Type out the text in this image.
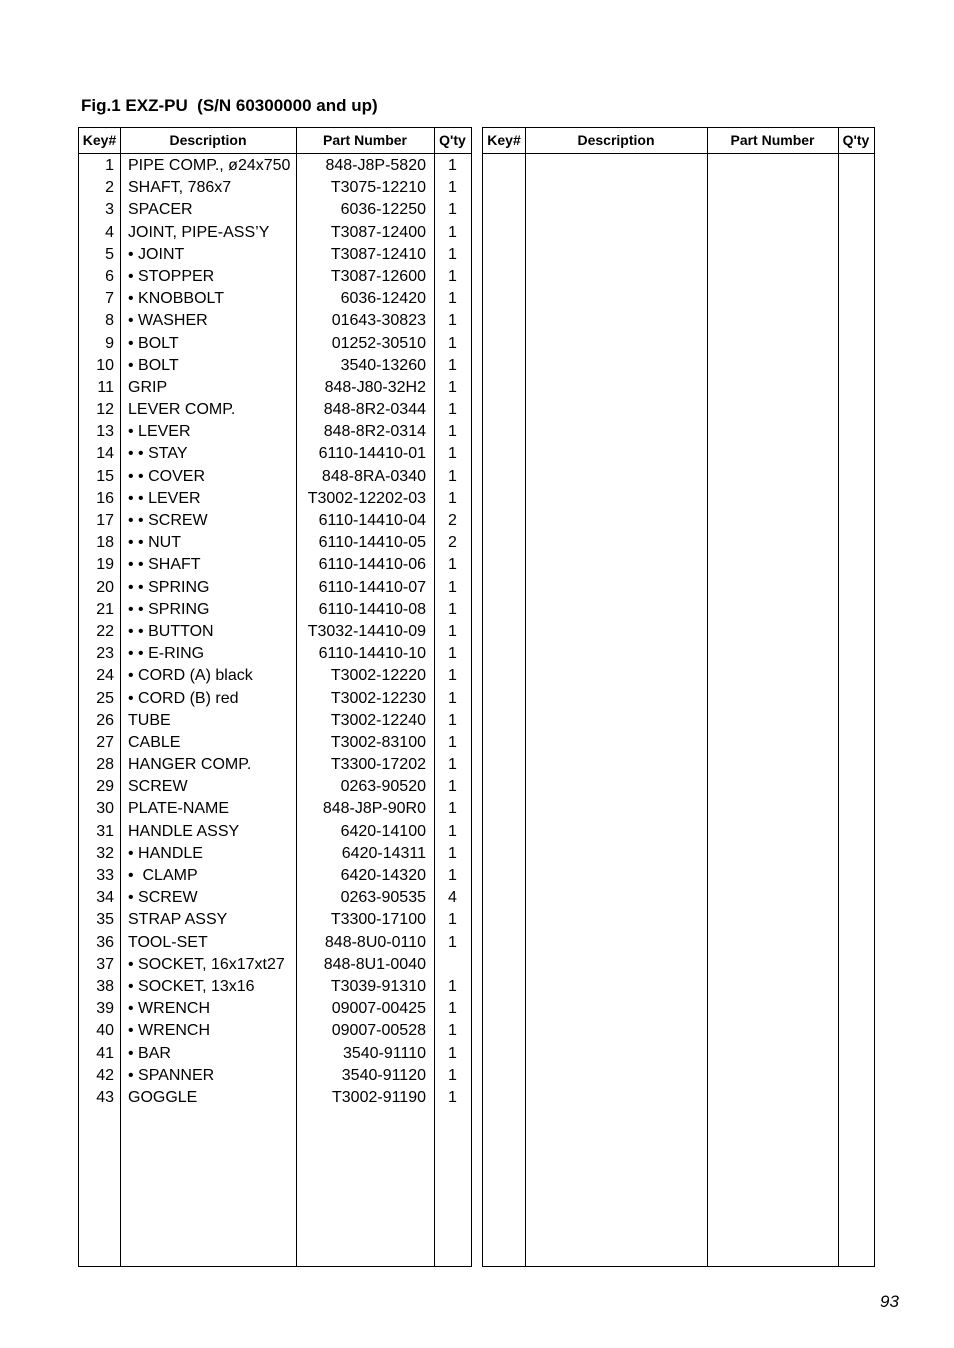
Fig.1 EXZ-PU  (S/N 60300000 and up)
Key#	Description	Part Number	Q'ty
1 PIPE COMP., ø24x750 848-J8P-5820 1
2 SHAFT, 786x7	T3075-12210 1
3 SPACER	6036-12250 1
4 JOINT, PIPE-ASS’Y	T3087-12400 1
5 • JOINT	T3087-12410 1
6 • STOPPER	T3087-12600 1
7 • KNOBBOLT	6036-12420 1
8 • WASHER	01643-30823 1
9 • BOLT	01252-30510 1
10 • BOLT	3540-13260 1
11 GRIP	848-J80-32H2 1
12 LEVER COMP.	848-8R2-0344 1
13 • LEVER	848-8R2-0314 1
14 • • STAY	6110-14410-01 1
15 • • COVER	848-8RA-0340 1
16 • • LEVER	T3002-12202-03 1
17 • • SCREW	6110-14410-04 2
18 • • NUT	6110-14410-05 2
19 • • SHAFT	6110-14410-06 1
20 • • SPRING	6110-14410-07 1
21 • • SPRING	6110-14410-08 1
22 • • BUTTON	T3032-14410-09 1
23 • • E-RING	6110-14410-10 1
24 • CORD (A) black	T3002-12220 1
25 • CORD (B) red	T3002-12230 1
26 TUBE	T3002-12240 1
27 CABLE	T3002-83100 1
28 HANGER COMP.	T3300-17202 1
29 SCREW	0263-90520 1
30 PLATE-NAME	848-J8P-90R0 1
31 HANDLE ASSY	6420-14100 1
32 • HANDLE	6420-14311 1
33 •  CLAMP	6420-14320 1
34 • SCREW	0263-90535 4
35 STRAP ASSY	T3300-17100 1
36 TOOL-SET	848-8U0-0110 1
37 • SOCKET, 16x17xt27 848-8U1-0040
38 • SOCKET, 13x16	T3039-91310 1
39 • WRENCH	09007-00425 1
40 • WRENCH	09007-00528 1
41 • BAR	3540-91110 1
42 • SPANNER	3540-91120 1
43 GOGGLE	T3002-91190 1
Key#	Description	Part Number	Q'ty
93
